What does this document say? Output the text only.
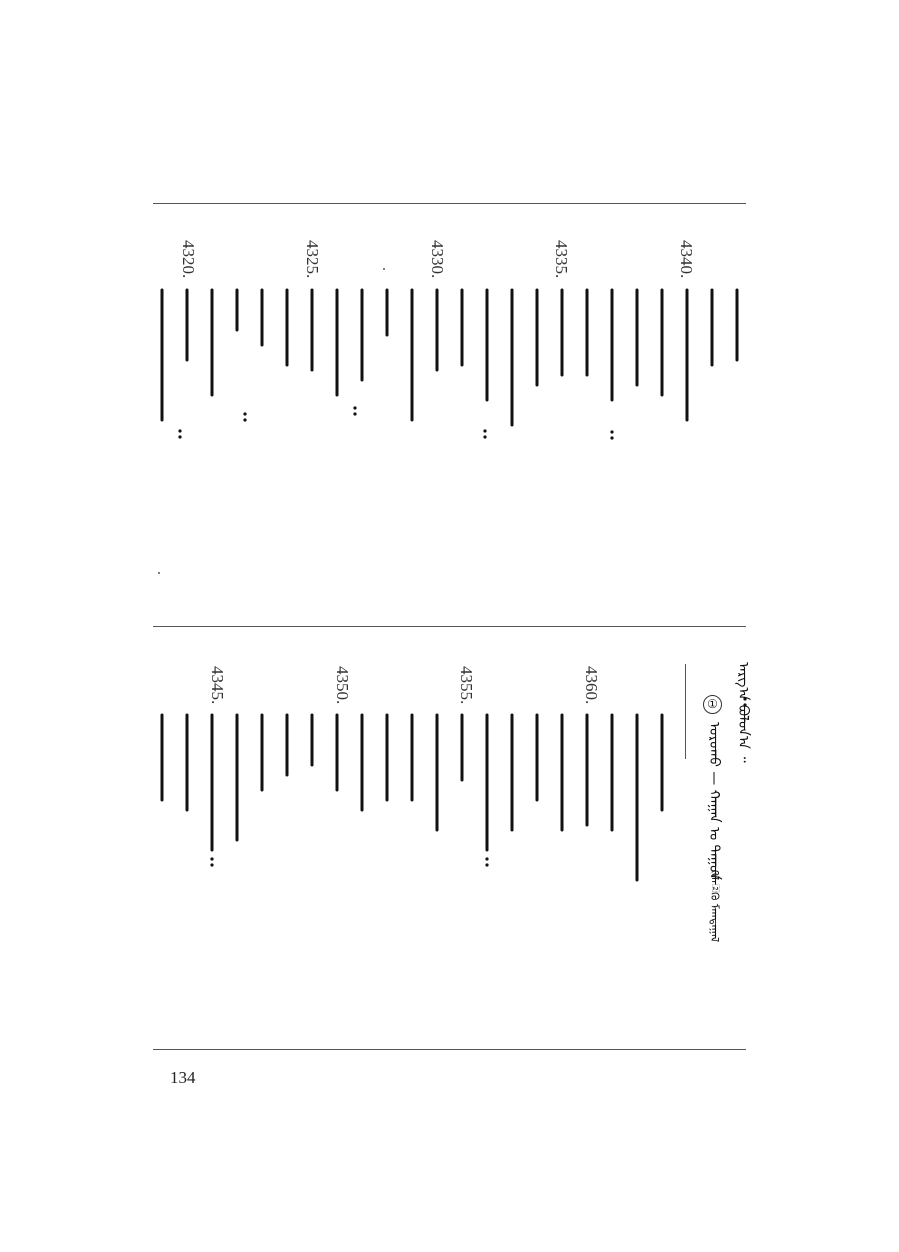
4320.	4325.	4330.	4335.	4340.
4345.	4350.	4355.	4360.	ᠠᠷᠭ᠎ᠠ ᠪᠣᠯᠤᠨ᠎ᠠ ᠃
①
ᠣᠷᠣᠬᠤ — ᠬᠠᠭᠠᠨ ᠤ ᠳᠠᠭᠤᠨ
ᠬᠡᠯᠡ᠌ᠬᠦ ᠮᠠᠭᠲᠠᠭᠠᠯ
134
